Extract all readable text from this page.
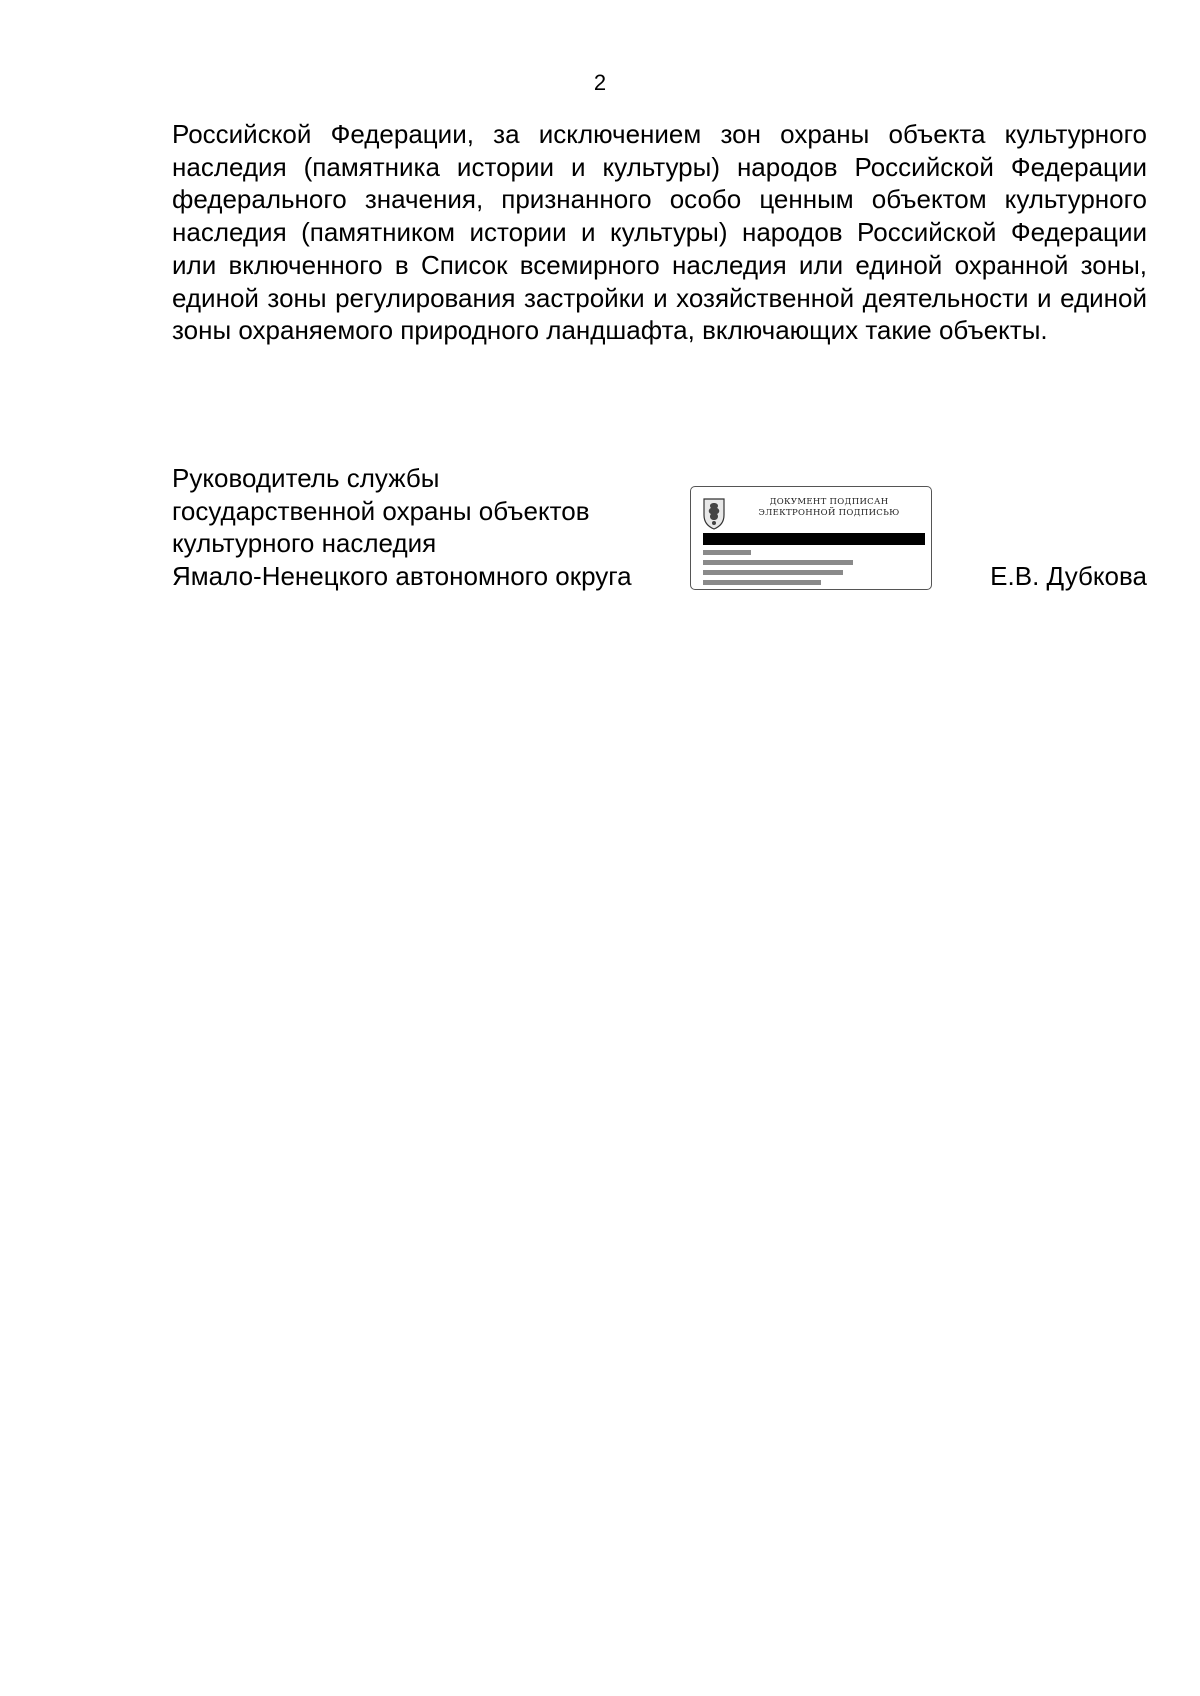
2

Российской Федерации, за исключением зон охраны объекта культурного наследия (памятника истории и культуры) народов Российской Федерации федерального значения, признанного особо ценным объектом культурного наследия (памятником истории и культуры) народов Российской Федерации или включенного в Список всемирного наследия или единой охранной зоны, единой зоны регулирования застройки и хозяйственной деятельности и единой зоны охраняемого природного ландшафта, включающих такие объекты.

Руководитель службы
государственной охраны объектов
культурного наследия
Ямало-Ненецкого автономного округа
ДОКУМЕНТ ПОДПИСАН
ЭЛЕКТРОННОЙ ПОДПИСЬЮ
Е.В. Дубкова
